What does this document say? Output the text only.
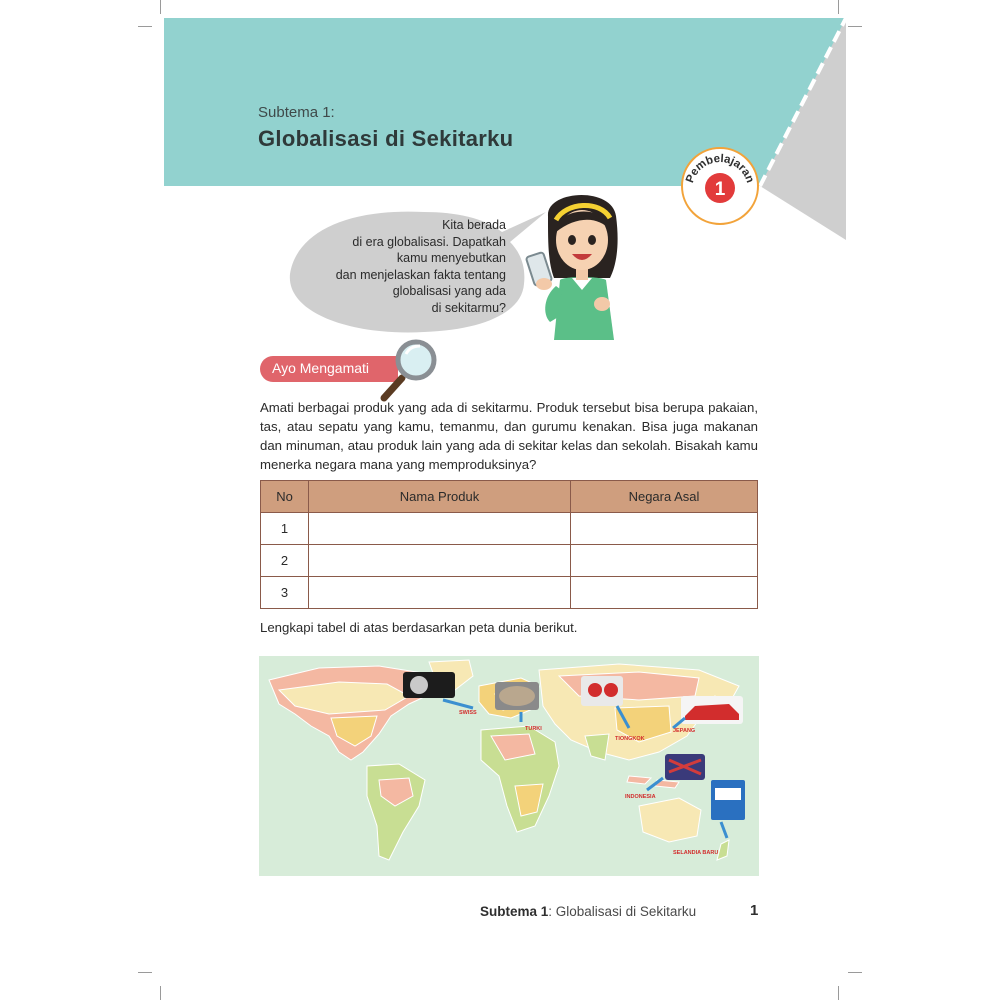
Subtema 1:
Globalisasi di Sekitarku
Pembelajaran
1
Kita berada
di era globalisasi. Dapatkah
kamu menyebutkan
dan menjelaskan fakta tentang
globalisasi yang ada
di sekitarmu?
Ayo Mengamati
Amati berbagai produk yang ada di sekitarmu. Produk tersebut bisa berupa pakaian, tas, atau sepatu yang kamu, temanmu, dan gurumu kenakan. Bisa juga makanan dan minuman, atau produk lain yang ada di sekitar kelas dan sekolah. Bisakah kamu menerka negara mana yang memproduksinya?
No	Nama Produk	Negara Asal
1		
2		
3		
Lengkapi tabel di atas berdasarkan peta dunia berikut.
SWISS
TURKI
TIONGKOK
JEPANG
INDONESIA
SELANDIA BARU
Subtema 1: Globalisasi di Sekitarku	1
